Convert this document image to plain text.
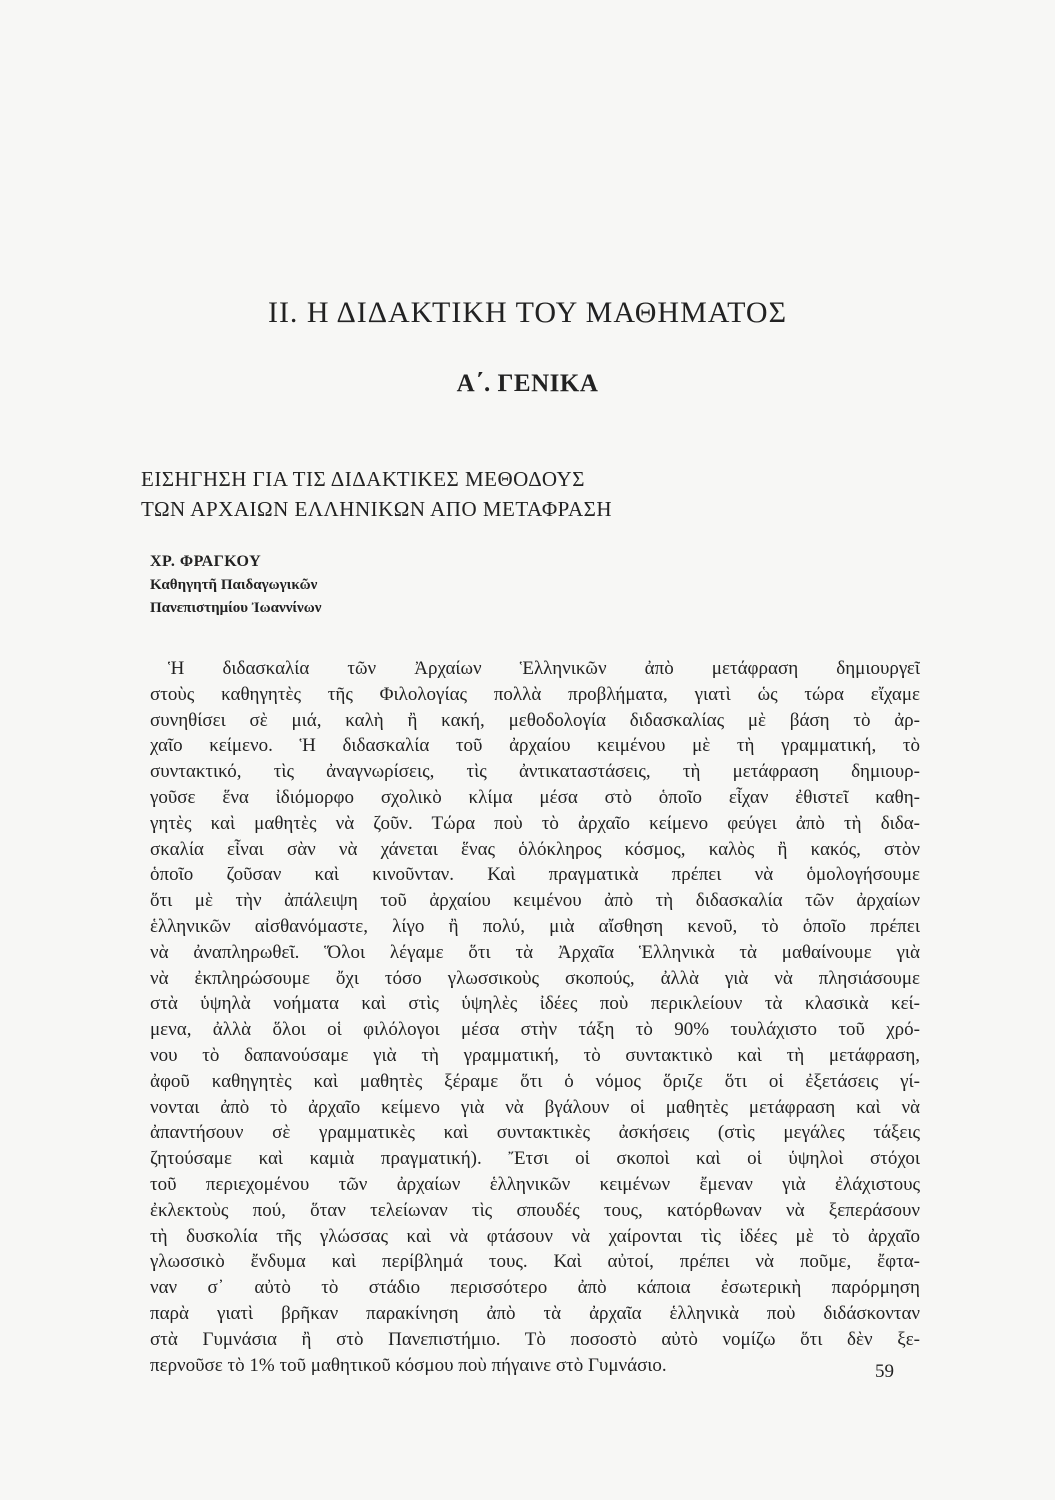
II. Η ΔΙΔΑΚΤΙΚΗ ΤΟΥ ΜΑΘΗΜΑΤΟΣ
Α΄. ΓΕΝΙΚΑ
ΕΙΣΗΓΗΣΗ ΓΙΑ ΤΙΣ ΔΙΔΑΚΤΙΚΕΣ ΜΕΘΟΔΟΥΣ
ΤΩΝ ΑΡΧΑΙΩΝ ΕΛΛΗΝΙΚΩΝ ΑΠΟ ΜΕΤΑΦΡΑΣΗ
ΧΡ. ΦΡΑΓΚΟΥ
Καθηγητῆ Παιδαγωγικῶν
Πανεπιστημίου Ἰωαννίνων
Ἡ διδασκαλία τῶν Ἀρχαίων Ἑλληνικῶν ἀπὸ μετάφραση δημιουργεῖ
στοὺς καθηγητὲς τῆς Φιλολογίας πολλὰ προβλήματα, γιατὶ ὡς τώρα εἴχαμε
συνηθίσει σὲ μιά, καλὴ ἢ κακή, μεθοδολογία διδασκαλίας μὲ βάση τὸ ἀρ-
χαῖο κείμενο. Ἡ διδασκαλία τοῦ ἀρχαίου κειμένου μὲ τὴ γραμματική, τὸ
συντακτικό, τὶς ἀναγνωρίσεις, τὶς ἀντικαταστάσεις, τὴ μετάφραση δημιουρ-
γοῦσε ἕνα ἰδιόμορφο σχολικὸ κλίμα μέσα στὸ ὁποῖο εἶχαν ἐθιστεῖ καθη-
γητὲς καὶ μαθητὲς νὰ ζοῦν. Τώρα ποὺ τὸ ἀρχαῖο κείμενο φεύγει ἀπὸ τὴ διδα-
σκαλία εἶναι σὰν νὰ χάνεται ἕνας ὁλόκληρος κόσμος, καλὸς ἢ κακός, στὸν
ὁποῖο ζοῦσαν καὶ κινοῦνταν. Καὶ πραγματικὰ πρέπει νὰ ὁμολογήσουμε
ὅτι μὲ τὴν ἀπάλειψη τοῦ ἀρχαίου κειμένου ἀπὸ τὴ διδασκαλία τῶν ἀρχαίων
ἑλληνικῶν αἰσθανόμαστε, λίγο ἢ πολύ, μιὰ αἴσθηση κενοῦ, τὸ ὁποῖο πρέπει
νὰ ἀναπληρωθεῖ. Ὅλοι λέγαμε ὅτι τὰ Ἀρχαῖα Ἑλληνικὰ τὰ μαθαίνουμε γιὰ
νὰ ἐκπληρώσουμε ὄχι τόσο γλωσσικοὺς σκοπούς, ἀλλὰ γιὰ νὰ πλησιάσουμε
στὰ ὑψηλὰ νοήματα καὶ στὶς ὑψηλὲς ἰδέες ποὺ περικλείουν τὰ κλασικὰ κεί-
μενα, ἀλλὰ ὅλοι οἱ φιλόλογοι μέσα στὴν τάξη τὸ 90% τουλάχιστο τοῦ χρό-
νου τὸ δαπανούσαμε γιὰ τὴ γραμματική, τὸ συντακτικὸ καὶ τὴ μετάφραση,
ἀφοῦ καθηγητὲς καὶ μαθητὲς ξέραμε ὅτι ὁ νόμος ὅριζε ὅτι οἱ ἐξετάσεις γί-
νονται ἀπὸ τὸ ἀρχαῖο κείμενο γιὰ νὰ βγάλουν οἱ μαθητὲς μετάφραση καὶ νὰ
ἀπαντήσουν σὲ γραμματικὲς καὶ συντακτικὲς ἀσκήσεις (στὶς μεγάλες τάξεις
ζητούσαμε καὶ καμιὰ πραγματική). Ἔτσι οἱ σκοποὶ καὶ οἱ ὑψηλοὶ στόχοι
τοῦ περιεχομένου τῶν ἀρχαίων ἑλληνικῶν κειμένων ἔμεναν γιὰ ἐλάχιστους
ἐκλεκτοὺς πού, ὅταν τελείωναν τὶς σπουδές τους, κατόρθωναν νὰ ξεπεράσουν
τὴ δυσκολία τῆς γλώσσας καὶ νὰ φτάσουν νὰ χαίρονται τὶς ἰδέες μὲ τὸ ἀρχαῖο
γλωσσικὸ ἔνδυμα καὶ περίβλημά τους. Καὶ αὐτοί, πρέπει νὰ ποῦμε, ἔφτα-
ναν σ᾽ αὐτὸ τὸ στάδιο περισσότερο ἀπὸ κάποια ἐσωτερικὴ παρόρμηση
παρὰ γιατὶ βρῆκαν παρακίνηση ἀπὸ τὰ ἀρχαῖα ἑλληνικὰ ποὺ διδάσκονταν
στὰ Γυμνάσια ἢ στὸ Πανεπιστήμιο. Τὸ ποσοστὸ αὐτὸ νομίζω ὅτι δὲν ξε-
περνοῦσε τὸ 1% τοῦ μαθητικοῦ κόσμου ποὺ πήγαινε στὸ Γυμνάσιο.	59
